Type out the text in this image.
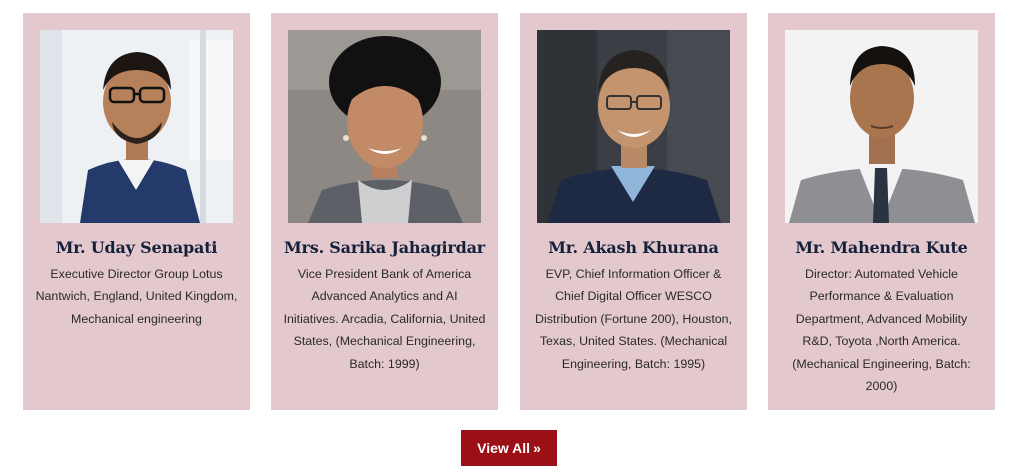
Mr. Uday Senapati
Executive Director Group Lotus Nantwich, England, United Kingdom, Mechanical engineering
Mrs. Sarika Jahagirdar
Vice President Bank of America Advanced Analytics and AI Initiatives. Arcadia, California, United States, (Mechanical Engineering, Batch: 1999)
Mr. Akash Khurana
EVP, Chief Information Officer & Chief Digital Officer WESCO Distribution (Fortune 200), Houston, Texas, United States. (Mechanical Engineering, Batch: 1995)
Mr. Mahendra Kute
Director: Automated Vehicle Performance & Evaluation Department, Advanced Mobility R&D, Toyota ,North America. (Mechanical Engineering, Batch: 2000)
View All »
